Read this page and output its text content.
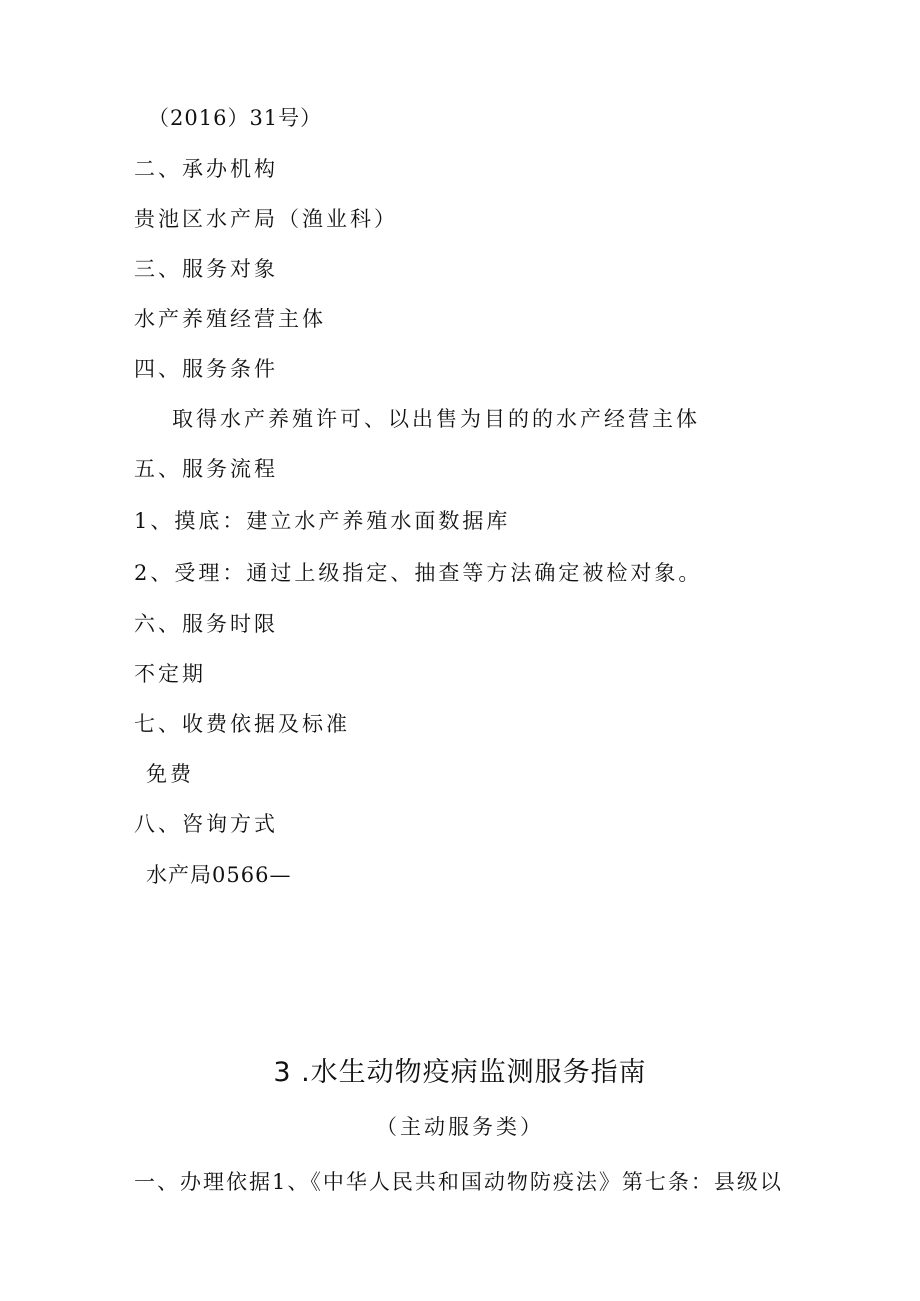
（2016）31号）
二、承办机构
贵池区水产局（渔业科）
三、服务对象
水产养殖经营主体
四、服务条件
取得水产养殖许可、以出售为目的的水产经营主体
五、服务流程
1、摸底：建立水产养殖水面数据库
2、受理：通过上级指定、抽查等方法确定被检对象。
六、服务时限
不定期
七、收费依据及标准
免费
八、咨询方式
水产局0566—
3 .水生动物疫病监测服务指南
（主动服务类）
一、办理依据1、《中华人民共和国动物防疫法》第七条：县级以
